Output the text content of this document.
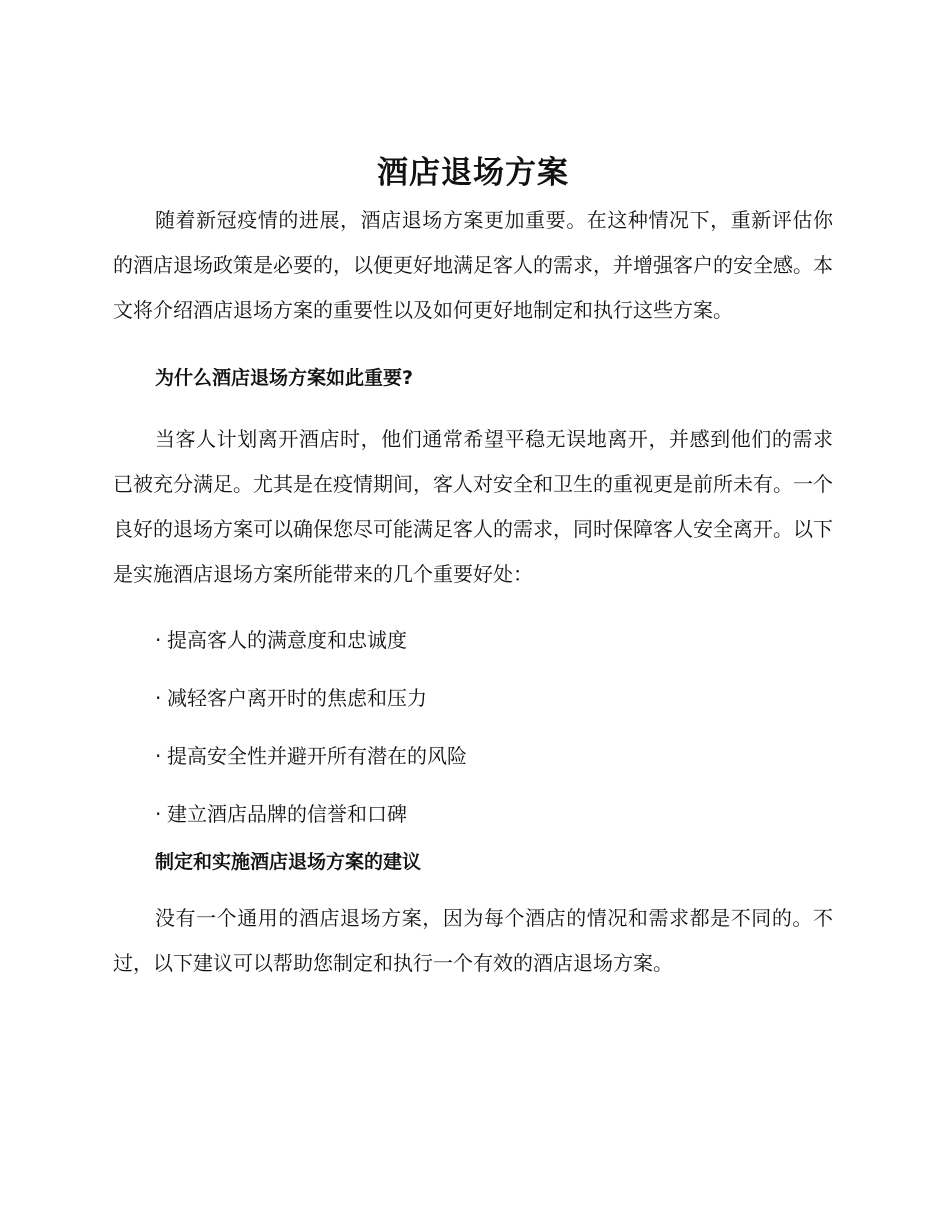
酒店退场方案

随着新冠疫情的进展，酒店退场方案更加重要。在这种情况下，重新评估你的酒店退场政策是必要的，以便更好地满足客人的需求，并增强客户的安全感。本文将介绍酒店退场方案的重要性以及如何更好地制定和执行这些方案。

为什么酒店退场方案如此重要?

当客人计划离开酒店时，他们通常希望平稳无误地离开，并感到他们的需求已被充分满足。尤其是在疫情期间，客人对安全和卫生的重视更是前所未有。一个良好的退场方案可以确保您尽可能满足客人的需求，同时保障客人安全离开。以下是实施酒店退场方案所能带来的几个重要好处：

· 提高客人的满意度和忠诚度
· 减轻客户离开时的焦虑和压力
· 提高安全性并避开所有潜在的风险
· 建立酒店品牌的信誉和口碑
制定和实施酒店退场方案的建议

没有一个通用的酒店退场方案，因为每个酒店的情况和需求都是不同的。不过，以下建议可以帮助您制定和执行一个有效的酒店退场方案。
